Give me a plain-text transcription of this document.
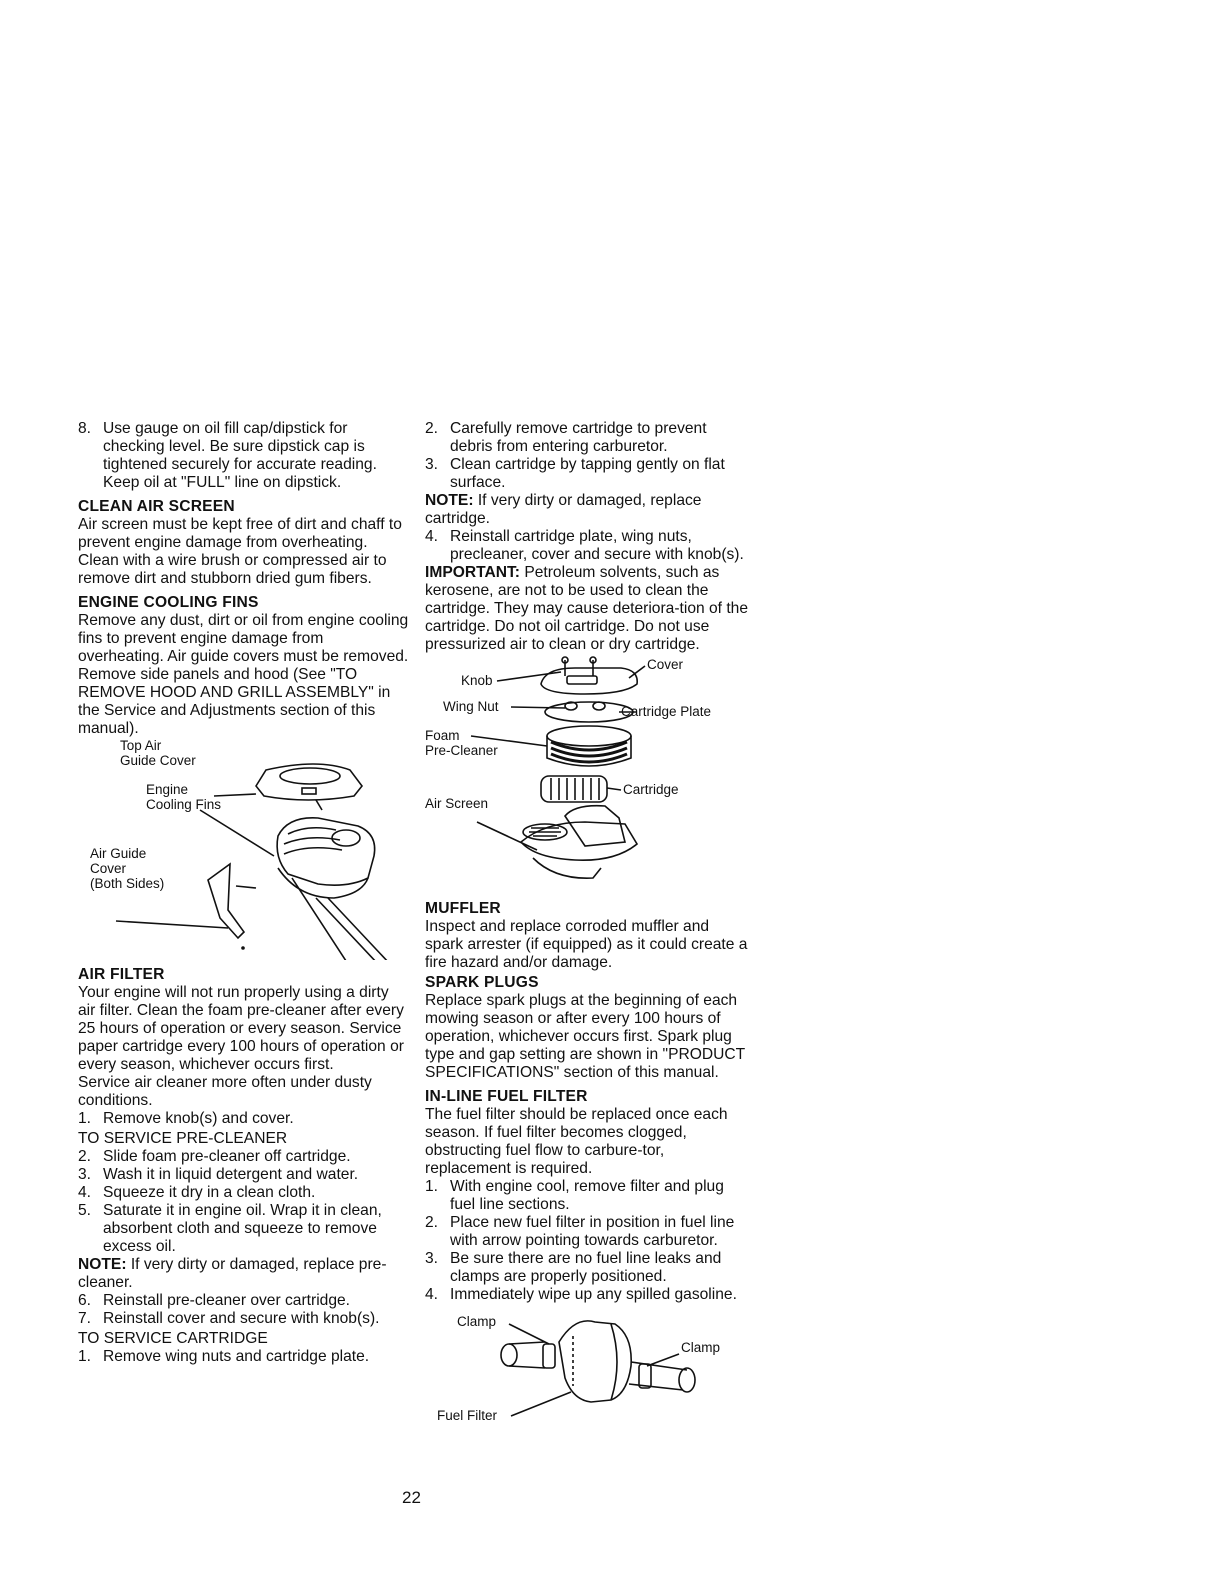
8. Use gauge on oil fill cap/dipstick for checking level. Be sure dipstick cap is tightened securely for accurate reading. Keep oil at "FULL" line on dipstick.

CLEAN AIR SCREEN

Air screen must be kept free of dirt and chaff to prevent engine damage from overheating. Clean with a wire brush or compressed air to remove dirt and stubborn dried gum fibers.

ENGINE COOLING FINS

Remove any dust, dirt or oil from engine cooling fins to prevent engine damage from overheating. Air guide covers must be removed. Remove side panels and hood (See "TO REMOVE HOOD AND GRILL ASSEMBLY" in the Service and Adjustments section of this manual).

Top Air
Guide Cover
Engine
Cooling Fins
Air Guide
Cover
(Both Sides)

AIR FILTER

Your engine will not run properly using a dirty air filter. Clean the foam pre-cleaner after every 25 hours of operation or every season. Service paper cartridge every 100 hours of operation or every season, whichever occurs first.

Service air cleaner more often under dusty conditions.

1. Remove knob(s) and cover.

TO SERVICE PRE-CLEANER

2. Slide foam pre-cleaner off cartridge.

3. Wash it in liquid detergent and water.

4. Squeeze it dry in a clean cloth.

5. Saturate it in engine oil. Wrap it in clean, absorbent cloth and squeeze to remove excess oil.

NOTE: If very dirty or damaged, replace pre-cleaner.

6. Reinstall pre-cleaner over cartridge.

7. Reinstall cover and secure with knob(s).

TO SERVICE CARTRIDGE

1. Remove wing nuts and cartridge plate.

2. Carefully remove cartridge to prevent debris from entering carburetor.

3. Clean cartridge by tapping gently on flat surface.

NOTE: If very dirty or damaged, replace cartridge.

4. Reinstall cartridge plate, wing nuts, precleaner, cover and secure with knob(s).

IMPORTANT: Petroleum solvents, such as kerosene, are not to be used to clean the cartridge. They may cause deteriora-tion of the cartridge. Do not oil cartridge. Do not use pressurized air to clean or dry cartridge.

Knob
Cover
Wing Nut	Cartridge Plate
Foam
Pre-Cleaner
Cartridge
Air Screen

MUFFLER

Inspect and replace corroded muffler and spark arrester (if equipped) as it could create a fire hazard and/or damage.

SPARK PLUGS

Replace spark plugs at the beginning of each mowing season or after every 100 hours of operation, whichever occurs first. Spark plug type and gap setting are shown in "PRODUCT SPECIFICATIONS" section of this manual.

IN-LINE FUEL FILTER

The fuel filter should be replaced once each season. If fuel filter becomes clogged, obstructing fuel flow to carbure-tor, replacement is required.

1. With engine cool, remove filter and plug fuel line sections.

2. Place new fuel filter in position in fuel line with arrow pointing towards carburetor.

3. Be sure there are no fuel line leaks and clamps are properly positioned.

4. Immediately wipe up any spilled gasoline.

Clamp
Clamp
Fuel Filter
22
